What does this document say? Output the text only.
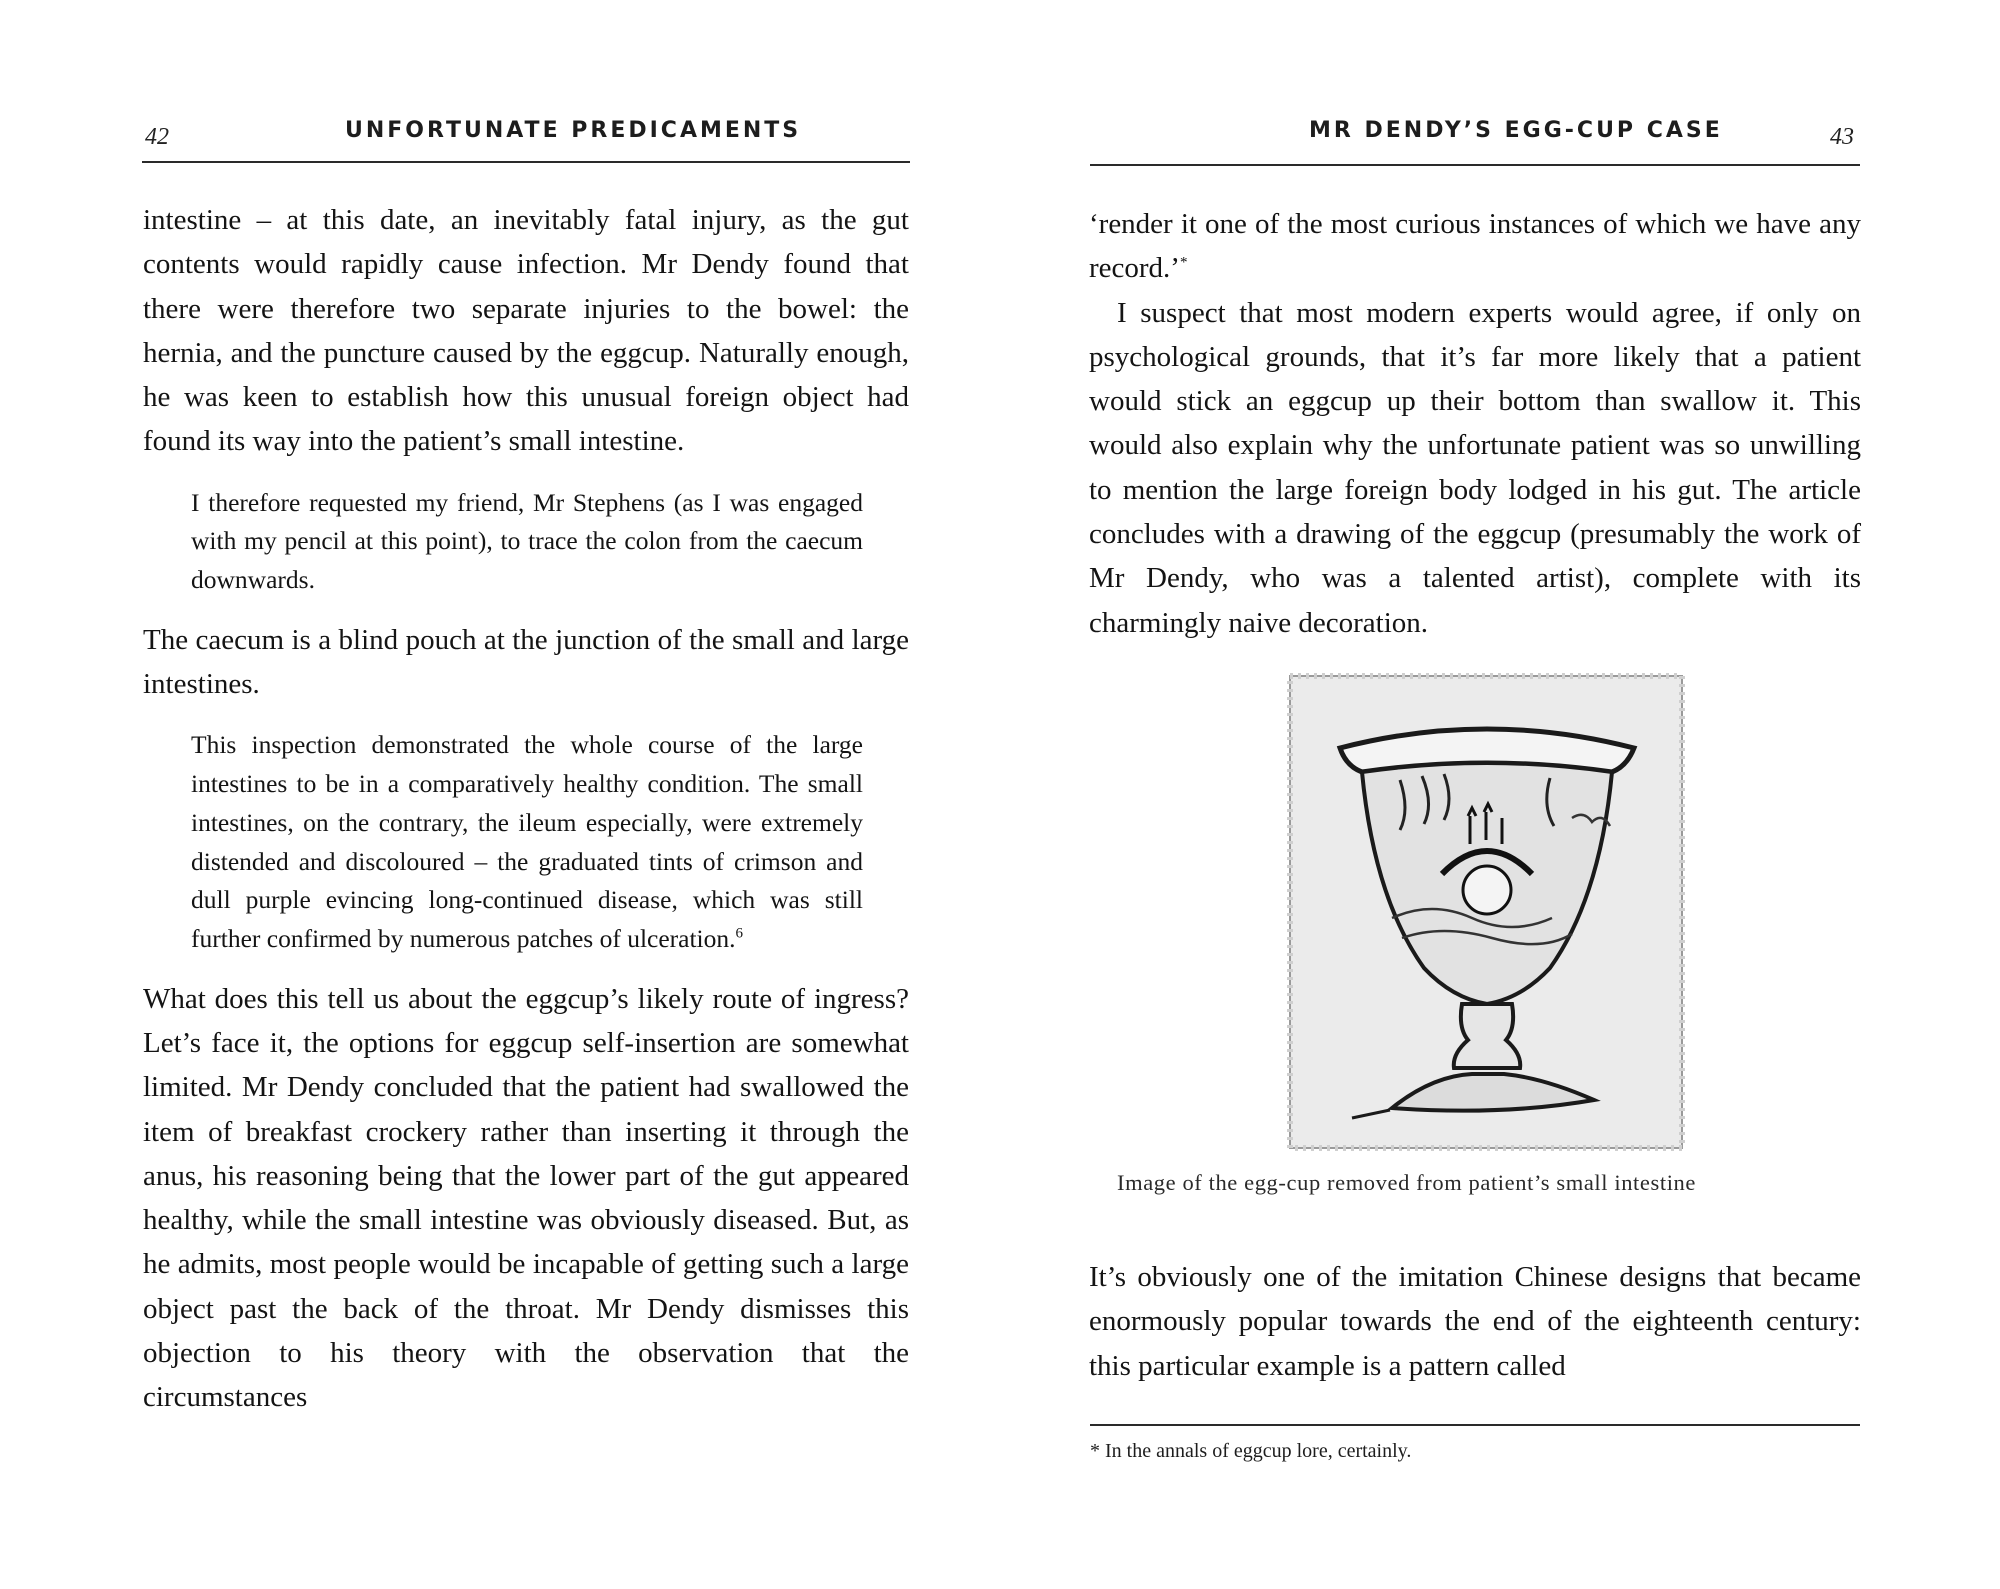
42	UNFORTUNATE PREDICAMENTS

intestine – at this date, an inevitably fatal injury, as the gut contents would rapidly cause infection. Mr Dendy found that there were therefore two separate injuries to the bowel: the hernia, and the puncture caused by the eggcup. Naturally enough, he was keen to establish how this unusual foreign object had found its way into the patient’s small intestine.

I therefore requested my friend, Mr Stephens (as I was engaged with my pencil at this point), to trace the colon from the caecum downwards.

The caecum is a blind pouch at the junction of the small and large intestines.

This inspection demonstrated the whole course of the large intestines to be in a comparatively healthy condition. The small intestines, on the contrary, the ileum especially, were extremely distended and discoloured – the graduated tints of crimson and dull purple evincing long-continued disease, which was still further confirmed by numerous patches of ulceration.$^6$

What does this tell us about the eggcup’s likely route of ingress? Let’s face it, the options for eggcup self-insertion are somewhat limited. Mr Dendy concluded that the patient had swallowed the item of breakfast crockery rather than inserting it through the anus, his reasoning being that the lower part of the gut appeared healthy, while the small intestine was obviously diseased. But, as he admits, most people would be incapable of getting such a large object past the back of the throat. Mr Dendy dismisses this objection to his theory with the observation that the circumstances

MR DENDY’S EGG-CUP CASE	43

‘render it one of the most curious instances of which we have any record.’*

I suspect that most modern experts would agree, if only on psychological grounds, that it’s far more likely that a patient would stick an eggcup up their bottom than swallow it. This would also explain why the unfortunate patient was so unwilling to mention the large foreign body lodged in his gut. The article concludes with a drawing of the eggcup (presumably the work of Mr Dendy, who was a talented artist), complete with its charmingly naive decoration.

Image of the egg-cup removed from patient’s small intestine

It’s obviously one of the imitation Chinese designs that became enormously popular towards the end of the eighteenth century: this particular example is a pattern called

* In the annals of eggcup lore, certainly.
